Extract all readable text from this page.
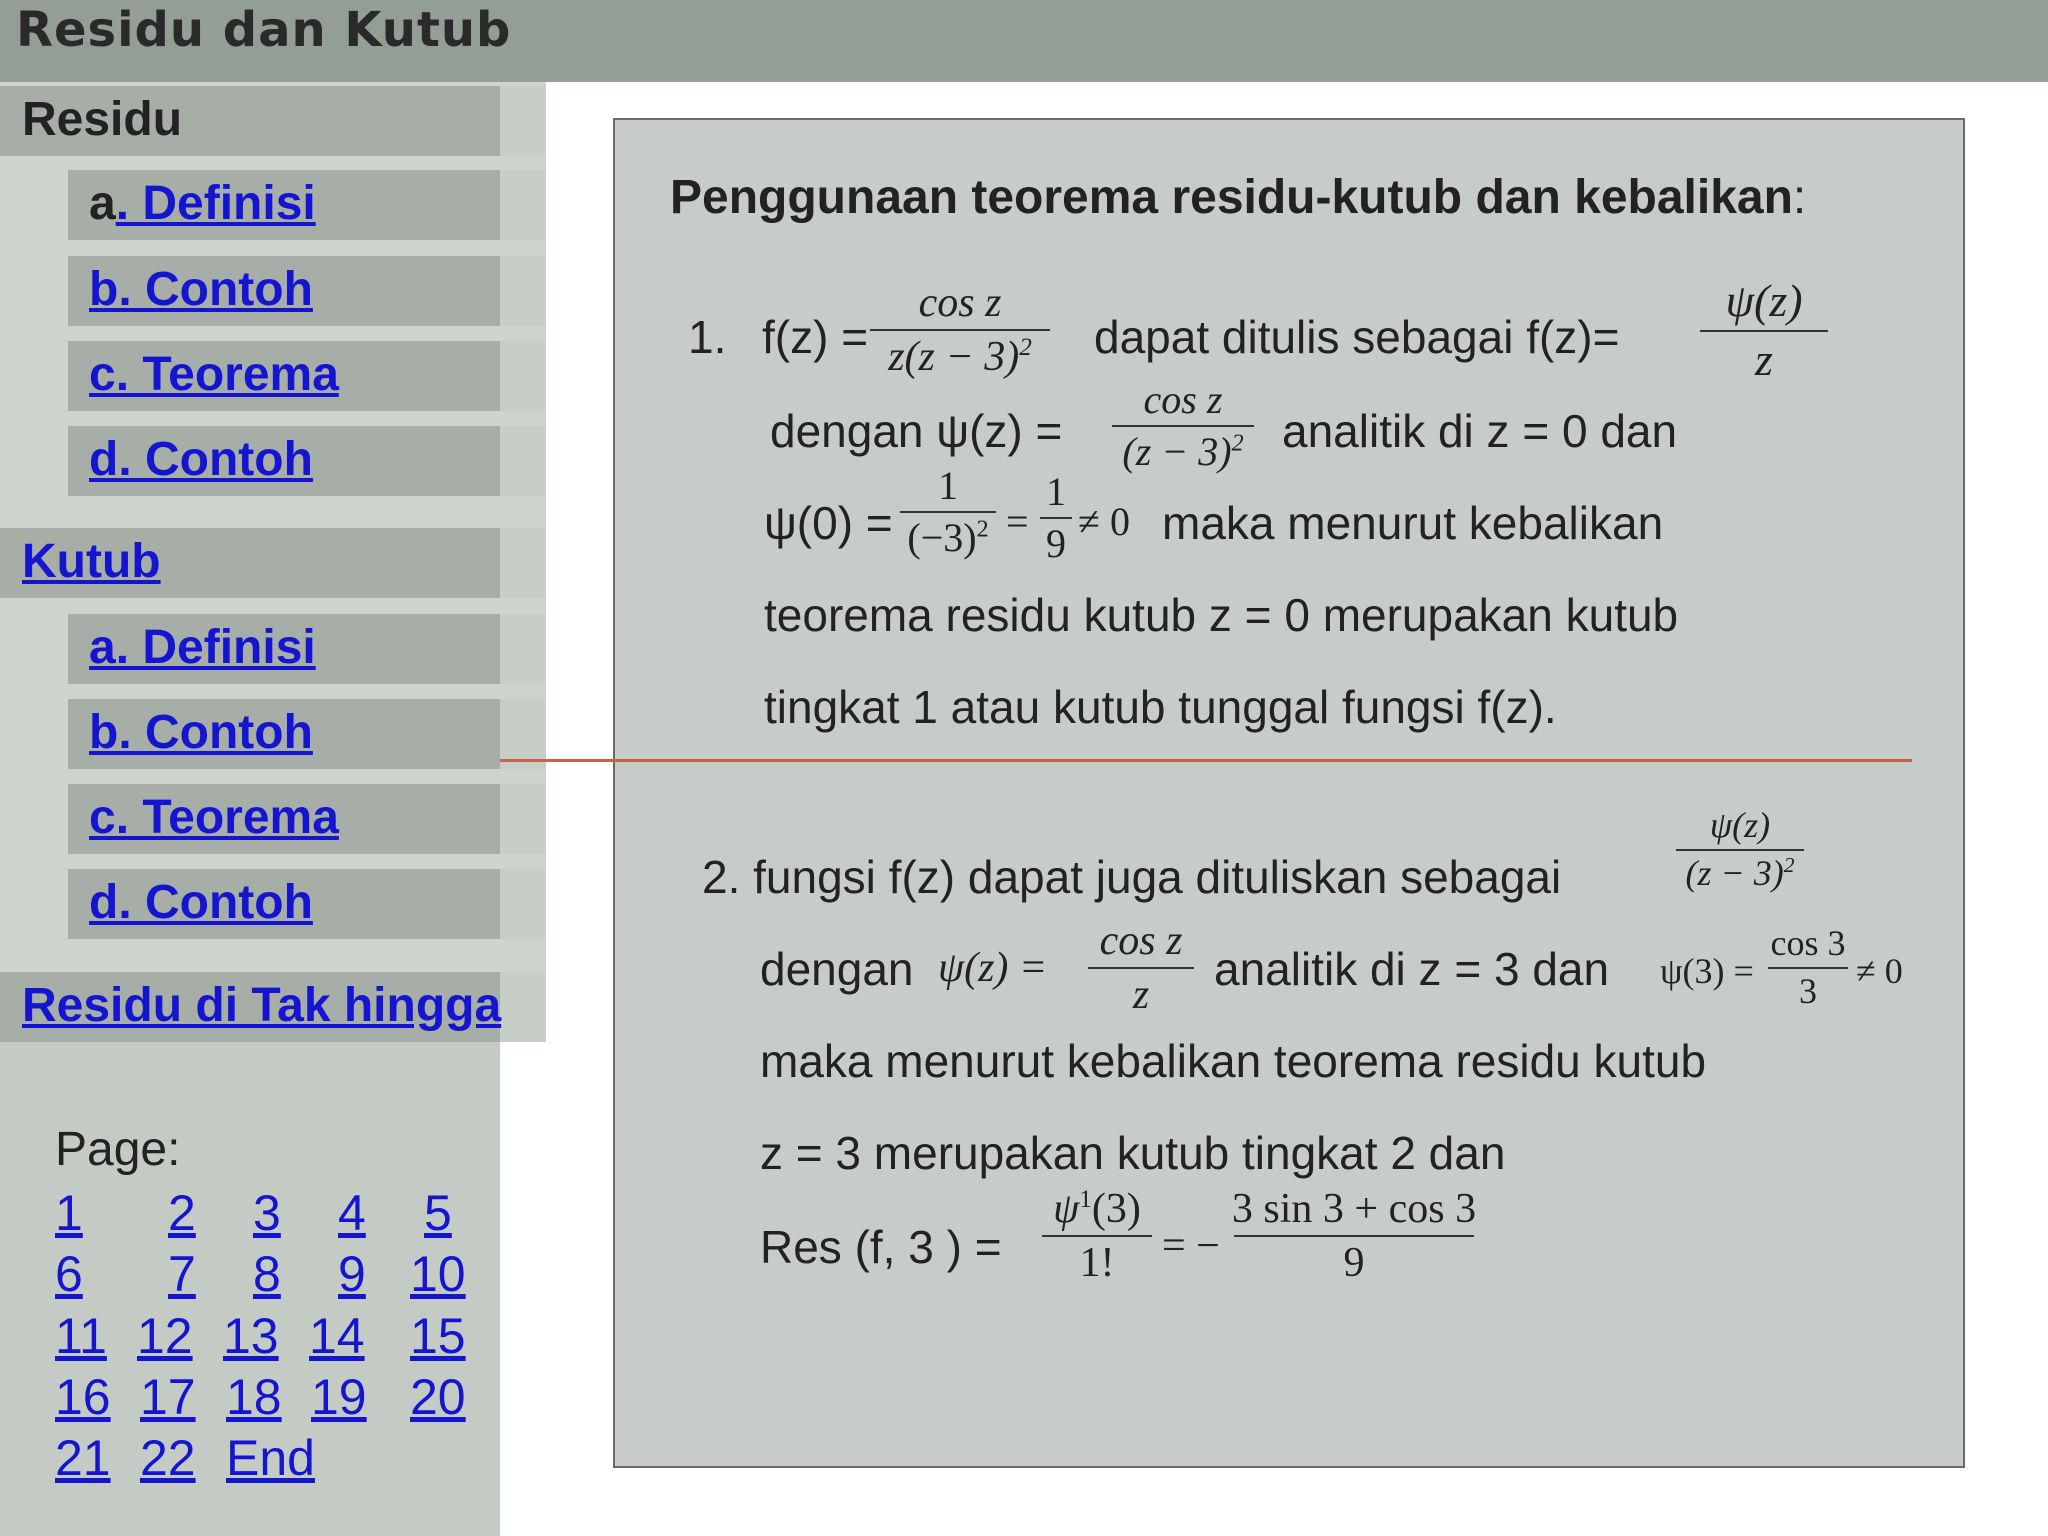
Residu dan Kutub
Residu
a. Definisi
b. Contoh
c. Teorema
d. Contoh
Kutub
a. Definisi
b. Contoh
c. Teorema
d. Contoh
Residu di Tak hingga
Page:
1 2 3 4 5
6 7 8 9 10
11 12 13 14 15
16 17 18 19 20
21 22 End
Penggunaan teorema residu-kutub dan kebalikan:
1. f(z) =
cos z
$z(z - 3)^2$ dapat ditulis sebagai f(z)=
ψ(z)
z
dengan ψ(z) =
cos z
$(z - 3)^2$ analitik di z = 0 dan
ψ(0) =
1
$(-3)^2$ =
1
9 ≠ 0 maka menurut kebalikan
teorema residu kutub z = 0 merupakan kutub
tingkat 1 atau kutub tunggal fungsi f(z).
2. fungsi f(z) dapat juga dituliskan sebagai
ψ(z)
$(z - 3)^2$
dengan ψ(z) =
cos z
z
analitik di z = 3 dan ψ(3) =
cos 3
3 ≠ 0
maka menurut kebalikan teorema residu kutub
z = 3 merupakan kutub tingkat 2 dan
Res (f, 3 ) =
$\psi^1(3)$
1! = −
3 sin 3 + cos 3
9
